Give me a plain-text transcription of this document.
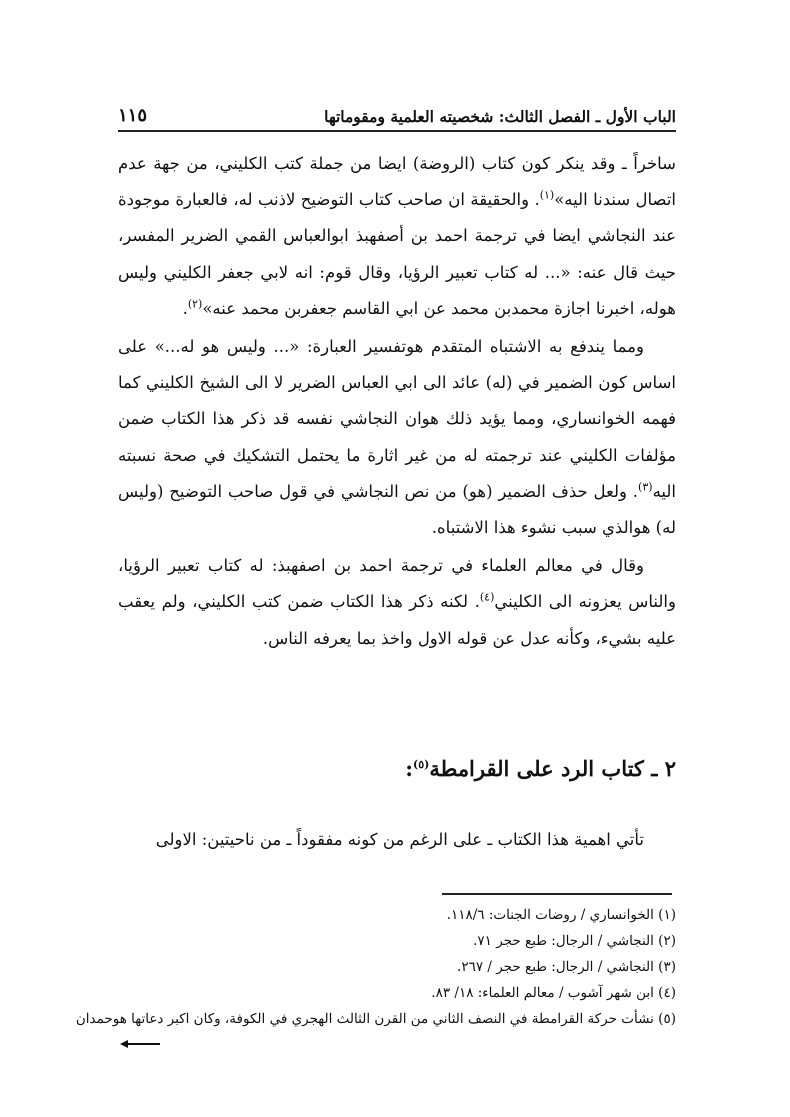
الباب الأول ـ الفصل الثالث: شخصيته العلمية ومقوماتها
١١٥

ساخراً ـ وقد ينكر كون كتاب (الروضة) ايضا من جملة كتب الكليني، من جهة عدم اتصال سندنا اليه»$^{(١)}$. والحقيقة ان صاحب كتاب التوضيح لاذنب له، فالعبارة موجودة عند النجاشي ايضا في ترجمة احمد بن أصفهبذ ابوالعباس القمي الضرير المفسر، حيث قال عنه: «... له كتاب تعبير الرؤيا، وقال قوم: انه لابي جعفر الكليني وليس هوله، اخبرنا اجازة محمدبن محمد عن ابي القاسم جعفربن محمد عنه»$^{(٢)}$.

ومما يندفع به الاشتباه المتقدم هوتفسير العبارة: «... وليس هو له...» على اساس كون الضمير في (له) عائد الى ابي العباس الضرير لا الى الشيخ الكليني كما فهمه الخوانساري، ومما يؤيد ذلك هوان النجاشي نفسه قد ذكر هذا الكتاب ضمن مؤلفات الكليني عند ترجمته له من غير اثارة ما يحتمل التشكيك في صحة نسبته اليه$^{(٣)}$. ولعل حذف الضمير (هو) من نص النجاشي في قول صاحب التوضيح (وليس له) هوالذي سبب نشوء هذا الاشتباه.

وقال في معالم العلماء في ترجمة احمد بن اصفهبذ: له كتاب تعبير الرؤيا، والناس يعزونه الى الكليني$^{(٤)}$. لكنه ذكر هذا الكتاب ضمن كتب الكليني، ولم يعقب عليه بشيء، وكأنه عدل عن قوله الاول واخذ بما يعرفه الناس.

٢ ـ كتاب الرد على القرامطة$^{(٥)}$:
تأتي اهمية هذا الكتاب ـ على الرغم من كونه مفقوداً ـ من ناحيتين: الاولى

(١) الخوانساري / روضات الجنات: ١١٨/٦.

(٢) النجاشي / الرجال: طبع حجر ٧١.

(٣) النجاشي / الرجال: طبع حجر / ٢٦٧.

(٤) ابن شهر آشوب / معالم العلماء: ١٨/ ٨٣.

(٥) نشأت حركة القرامطة في النصف الثاني من القرن الثالث الهجري في الكوفة، وكان اكبر دعاتها هوحمدان
